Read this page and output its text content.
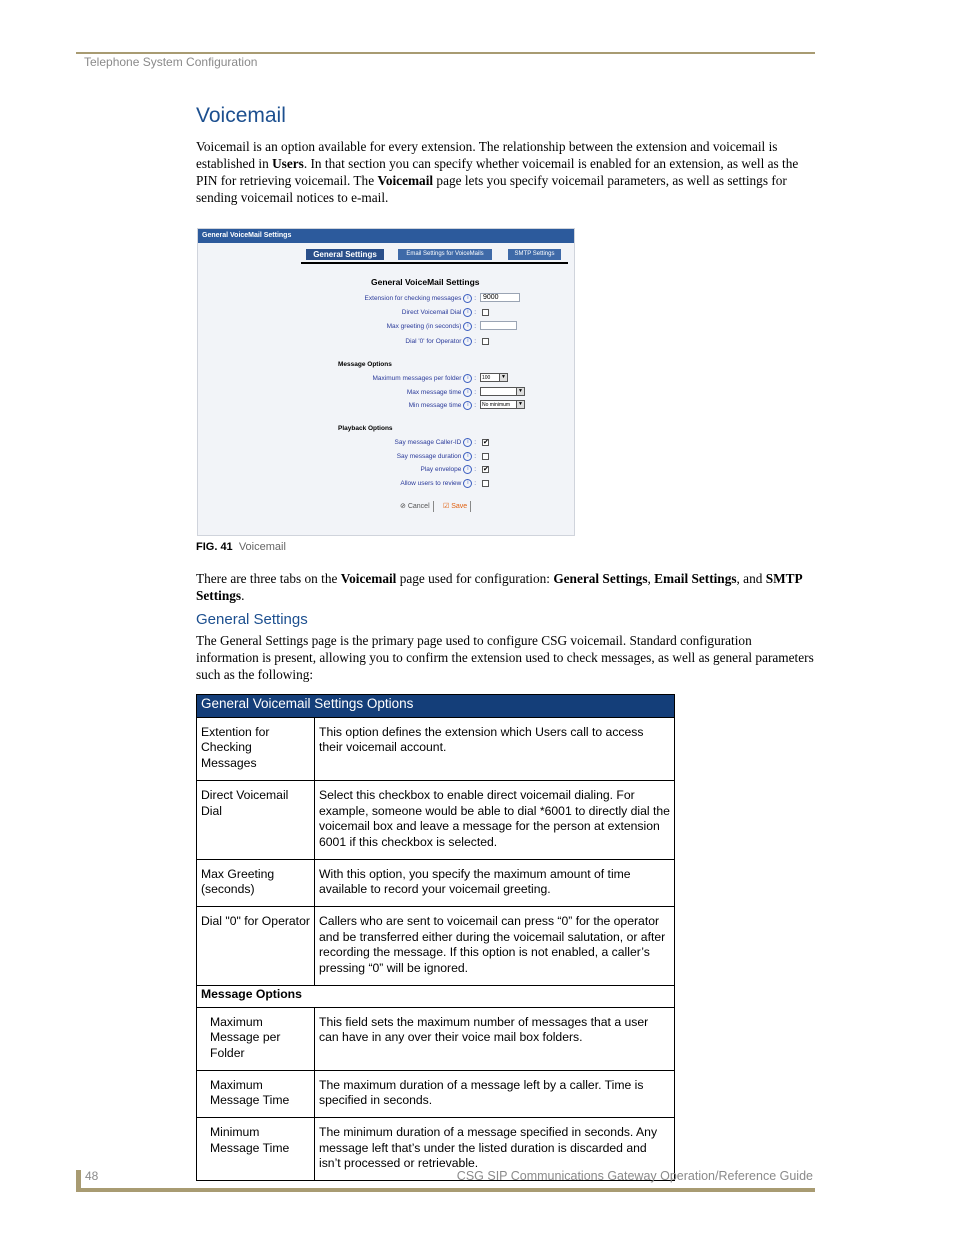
Telephone System Configuration
Voicemail

Voicemail is an option available for every extension. The relationship between the extension and voicemail is established in Users. In that section you can specify whether voicemail is enabled for an extension, as well as the PIN for retrieving voicemail. The Voicemail page lets you specify voicemail parameters, as well as settings for sending voicemail notices to e-mail.

General VoiceMail Settings
General Settings	Email Settings for VoiceMails	SMTP Settings
General VoiceMail Settings
Extension for checking messages i :	9000
Direct Voicemail Dial i :
Max greeting (in seconds) i :
Dial '0' for Operator i :
Message Options
Maximum messages per folder i :	100	▼
Max message time i :	▼
Min message time i :	No minimum	▼
Playback Options
Say message Caller-ID i : ✔
Say message duration i :
Play envelope i : ✔
Allow users to review i :
⊘ Cancel	☑ Save
FIG. 41 Voicemail

There are three tabs on the Voicemail page used for configuration: General Settings, Email Settings, and SMTP Settings.

General Settings

The General Settings page is the primary page used to configure CSG voicemail. Standard configuration information is present, allowing you to confirm the extension used to check messages, as well as general parameters such as the following:

General Voicemail Settings Options	
Extention for Checking Messages	This option defines the extension which Users call to access their voicemail account.
Direct Voicemail Dial	Select this checkbox to enable direct voicemail dialing. For example, someone would be able to dial *6001 to directly dial the voicemail box and leave a message for the person at extension 6001 if this checkbox is selected.
Max Greeting (seconds)	With this option, you specify the maximum amount of time available to record your voicemail greeting.
Dial "0" for Operator	Callers who are sent to voicemail can press “0” for the operator and be transferred either during the voicemail salutation, or after recording the message. If this option is not enabled, a caller’s pressing “0” will be ignored.
Message Options	
Maximum Message per Folder	This field sets the maximum number of messages that a user can have in any over their voice mail box folders.
Maximum Message Time	The maximum duration of a message left by a caller. Time is specified in seconds.
Minimum Message Time	The minimum duration of a message specified in seconds. Any message left that’s under the listed duration is discarded and isn’t processed or retrievable.
48	CSG SIP Communications Gateway Operation/Reference Guide
